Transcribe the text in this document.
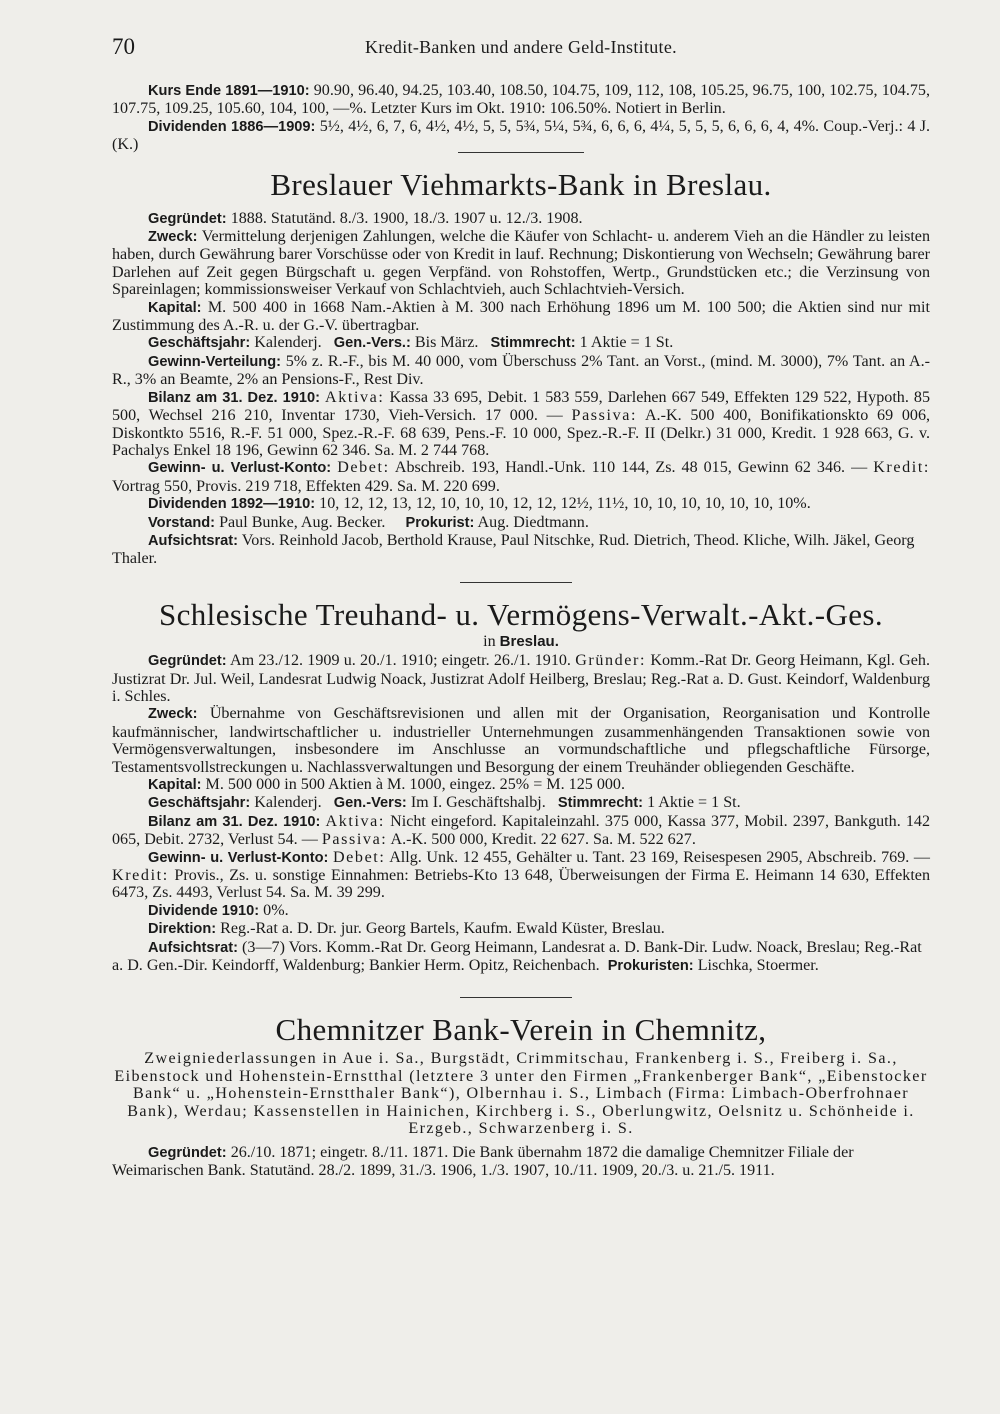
70	Kredit-Banken und andere Geld-Institute.

Kurs Ende 1891—1910: 90.90, 96.40, 94.25, 103.40, 108.50, 104.75, 109, 112, 108, 105.25, 96.75, 100, 102.75, 104.75, 107.75, 109.25, 105.60, 104, 100, —%. Letzter Kurs im Okt. 1910: 106.50%. Notiert in Berlin.

Dividenden 1886—1909: 5½, 4½, 6, 7, 6, 4½, 4½, 5, 5, 5¾, 5¼, 5¾, 6, 6, 6, 4¼, 5, 5, 5, 6, 6, 6, 4, 4%. Coup.-Verj.: 4 J. (K.)

Breslauer Viehmarkts-Bank in Breslau.

Gegründet: 1888. Statutänd. 8./3. 1900, 18./3. 1907 u. 12./3. 1908.

Zweck: Vermittelung derjenigen Zahlungen, welche die Käufer von Schlacht- u. anderem Vieh an die Händler zu leisten haben, durch Gewährung barer Vorschüsse oder von Kredit in lauf. Rechnung; Diskontierung von Wechseln; Gewährung barer Darlehen auf Zeit gegen Bürgschaft u. gegen Verpfänd. von Rohstoffen, Wertp., Grundstücken etc.; die Verzinsung von Spareinlagen; kommissionsweiser Verkauf von Schlachtvieh, auch Schlachtvieh-Versich.

Kapital: M. 500 400 in 1668 Nam.-Aktien à M. 300 nach Erhöhung 1896 um M. 100 500; die Aktien sind nur mit Zustimmung des A.-R. u. der G.-V. übertragbar.

Geschäftsjahr: Kalenderj. Gen.-Vers.: Bis März. Stimmrecht: 1 Aktie = 1 St.

Gewinn-Verteilung: 5% z. R.-F., bis M. 40 000, vom Überschuss 2% Tant. an Vorst., (mind. M. 3000), 7% Tant. an A.-R., 3% an Beamte, 2% an Pensions-F., Rest Div.

Bilanz am 31. Dez. 1910: Aktiva: Kassa 33 695, Debit. 1 583 559, Darlehen 667 549, Effekten 129 522, Hypoth. 85 500, Wechsel 216 210, Inventar 1730, Vieh-Versich. 17 000. — Passiva: A.-K. 500 400, Bonifikationskto 69 006, Diskontkto 5516, R.-F. 51 000, Spez.-R.-F. 68 639, Pens.-F. 10 000, Spez.-R.-F. II (Delkr.) 31 000, Kredit. 1 928 663, G. v. Pachalys Enkel 18 196, Gewinn 62 346. Sa. M. 2 744 768.

Gewinn- u. Verlust-Konto: Debet: Abschreib. 193, Handl.-Unk. 110 144, Zs. 48 015, Gewinn 62 346. — Kredit: Vortrag 550, Provis. 219 718, Effekten 429. Sa. M. 220 699.

Dividenden 1892—1910: 10, 12, 12, 13, 12, 10, 10, 10, 12, 12, 12½, 11½, 10, 10, 10, 10, 10, 10, 10%.

Vorstand: Paul Bunke, Aug. Becker. Prokurist: Aug. Diedtmann.

Aufsichtsrat: Vors. Reinhold Jacob, Berthold Krause, Paul Nitschke, Rud. Dietrich, Theod. Kliche, Wilh. Jäkel, Georg Thaler.

Schlesische Treuhand- u. Vermögens-Verwalt.-Akt.-Ges.

in Breslau.

Gegründet: Am 23./12. 1909 u. 20./1. 1910; eingetr. 26./1. 1910. Gründer: Komm.-Rat Dr. Georg Heimann, Kgl. Geh. Justizrat Dr. Jul. Weil, Landesrat Ludwig Noack, Justizrat Adolf Heilberg, Breslau; Reg.-Rat a. D. Gust. Keindorf, Waldenburg i. Schles.

Zweck: Übernahme von Geschäftsrevisionen und allen mit der Organisation, Reorganisation und Kontrolle kaufmännischer, landwirtschaftlicher u. industrieller Unternehmungen zusammenhängenden Transaktionen sowie von Vermögensverwaltungen, insbesondere im Anschlusse an vormundschaftliche und pflegschaftliche Fürsorge, Testamentsvollstreckungen u. Nachlassverwaltungen und Besorgung der einem Treuhänder obliegenden Geschäfte.

Kapital: M. 500 000 in 500 Aktien à M. 1000, eingez. 25% = M. 125 000.

Geschäftsjahr: Kalenderj. Gen.-Vers: Im I. Geschäftshalbj. Stimmrecht: 1 Aktie = 1 St.

Bilanz am 31. Dez. 1910: Aktiva: Nicht eingeford. Kapitaleinzahl. 375 000, Kassa 377, Mobil. 2397, Bankguth. 142 065, Debit. 2732, Verlust 54. — Passiva: A.-K. 500 000, Kredit. 22 627. Sa. M. 522 627.

Gewinn- u. Verlust-Konto: Debet: Allg. Unk. 12 455, Gehälter u. Tant. 23 169, Reisespesen 2905, Abschreib. 769. — Kredit: Provis., Zs. u. sonstige Einnahmen: Betriebs-Kto 13 648, Überweisungen der Firma E. Heimann 14 630, Effekten 6473, Zs. 4493, Verlust 54. Sa. M. 39 299.

Dividende 1910: 0%.

Direktion: Reg.-Rat a. D. Dr. jur. Georg Bartels, Kaufm. Ewald Küster, Breslau.

Aufsichtsrat: (3—7) Vors. Komm.-Rat Dr. Georg Heimann, Landesrat a. D. Bank-Dir. Ludw. Noack, Breslau; Reg.-Rat a. D. Gen.-Dir. Keindorff, Waldenburg; Bankier Herm. Opitz, Reichenbach. Prokuristen: Lischka, Stoermer.

Chemnitzer Bank-Verein in Chemnitz,

Zweigniederlassungen in Aue i. Sa., Burgstädt, Crimmitschau, Frankenberg i. S., Freiberg i. Sa., Eibenstock und Hohenstein-Ernstthal (letztere 3 unter den Firmen „Frankenberger Bank“, „Eibenstocker Bank“ u. „Hohenstein-Ernstthaler Bank“), Olbernhau i. S., Limbach (Firma: Limbach-Oberfrohnaer Bank), Werdau; Kassenstellen in Hainichen, Kirchberg i. S., Oberlungwitz, Oelsnitz u. Schönheide i. Erzgeb., Schwarzenberg i. S.

Gegründet: 26./10. 1871; eingetr. 8./11. 1871. Die Bank übernahm 1872 die damalige Chemnitzer Filiale der Weimarischen Bank. Statutänd. 28./2. 1899, 31./3. 1906, 1./3. 1907, 10./11. 1909, 20./3. u. 21./5. 1911.
